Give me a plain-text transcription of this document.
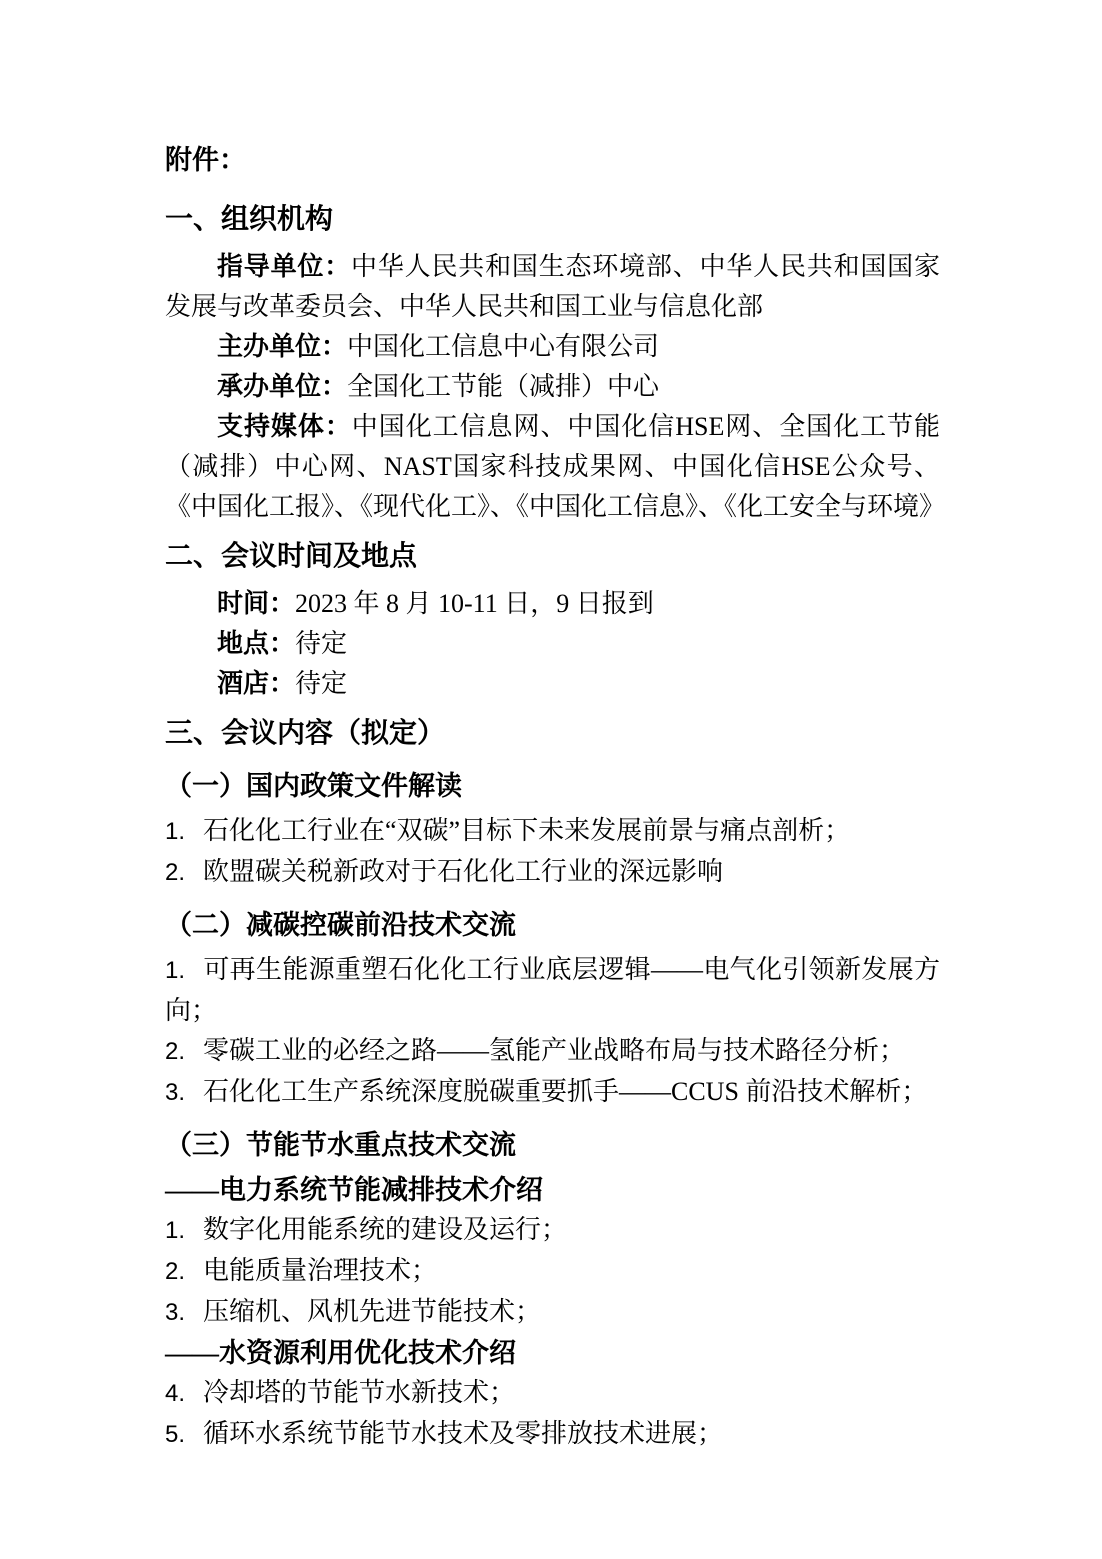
附件：

一、组织机构

指导单位：中华人民共和国生态环境部、中华人民共和国国家发展与改革委员会、中华人民共和国工业与信息化部

主办单位：中国化工信息中心有限公司

承办单位：全国化工节能（减排）中心

支持媒体：中国化工信息网、中国化信HSE网、全国化工节能（减排）中心网、NAST国家科技成果网、中国化信HSE公众号、《中国化工报》、《现代化工》、《中国化工信息》、《化工安全与环境》

二、会议时间及地点

时间：2023 年 8 月 10-11 日，9 日报到

地点：待定

酒店：待定

三、会议内容（拟定）
（一）国内政策文件解读

1. 石化化工行业在“双碳”目标下未来发展前景与痛点剖析；

2. 欧盟碳关税新政对于石化化工行业的深远影响

（二）减碳控碳前沿技术交流

1. 可再生能源重塑石化化工行业底层逻辑——电气化引领新发展方向；

2. 零碳工业的必经之路——氢能产业战略布局与技术路径分析；

3. 石化化工生产系统深度脱碳重要抓手——CCUS 前沿技术解析；

（三）节能节水重点技术交流
——电力系统节能减排技术介绍

1. 数字化用能系统的建设及运行；

2. 电能质量治理技术；

3. 压缩机、风机先进节能技术；

——水资源利用优化技术介绍

4. 冷却塔的节能节水新技术；

5. 循环水系统节能节水技术及零排放技术进展；
